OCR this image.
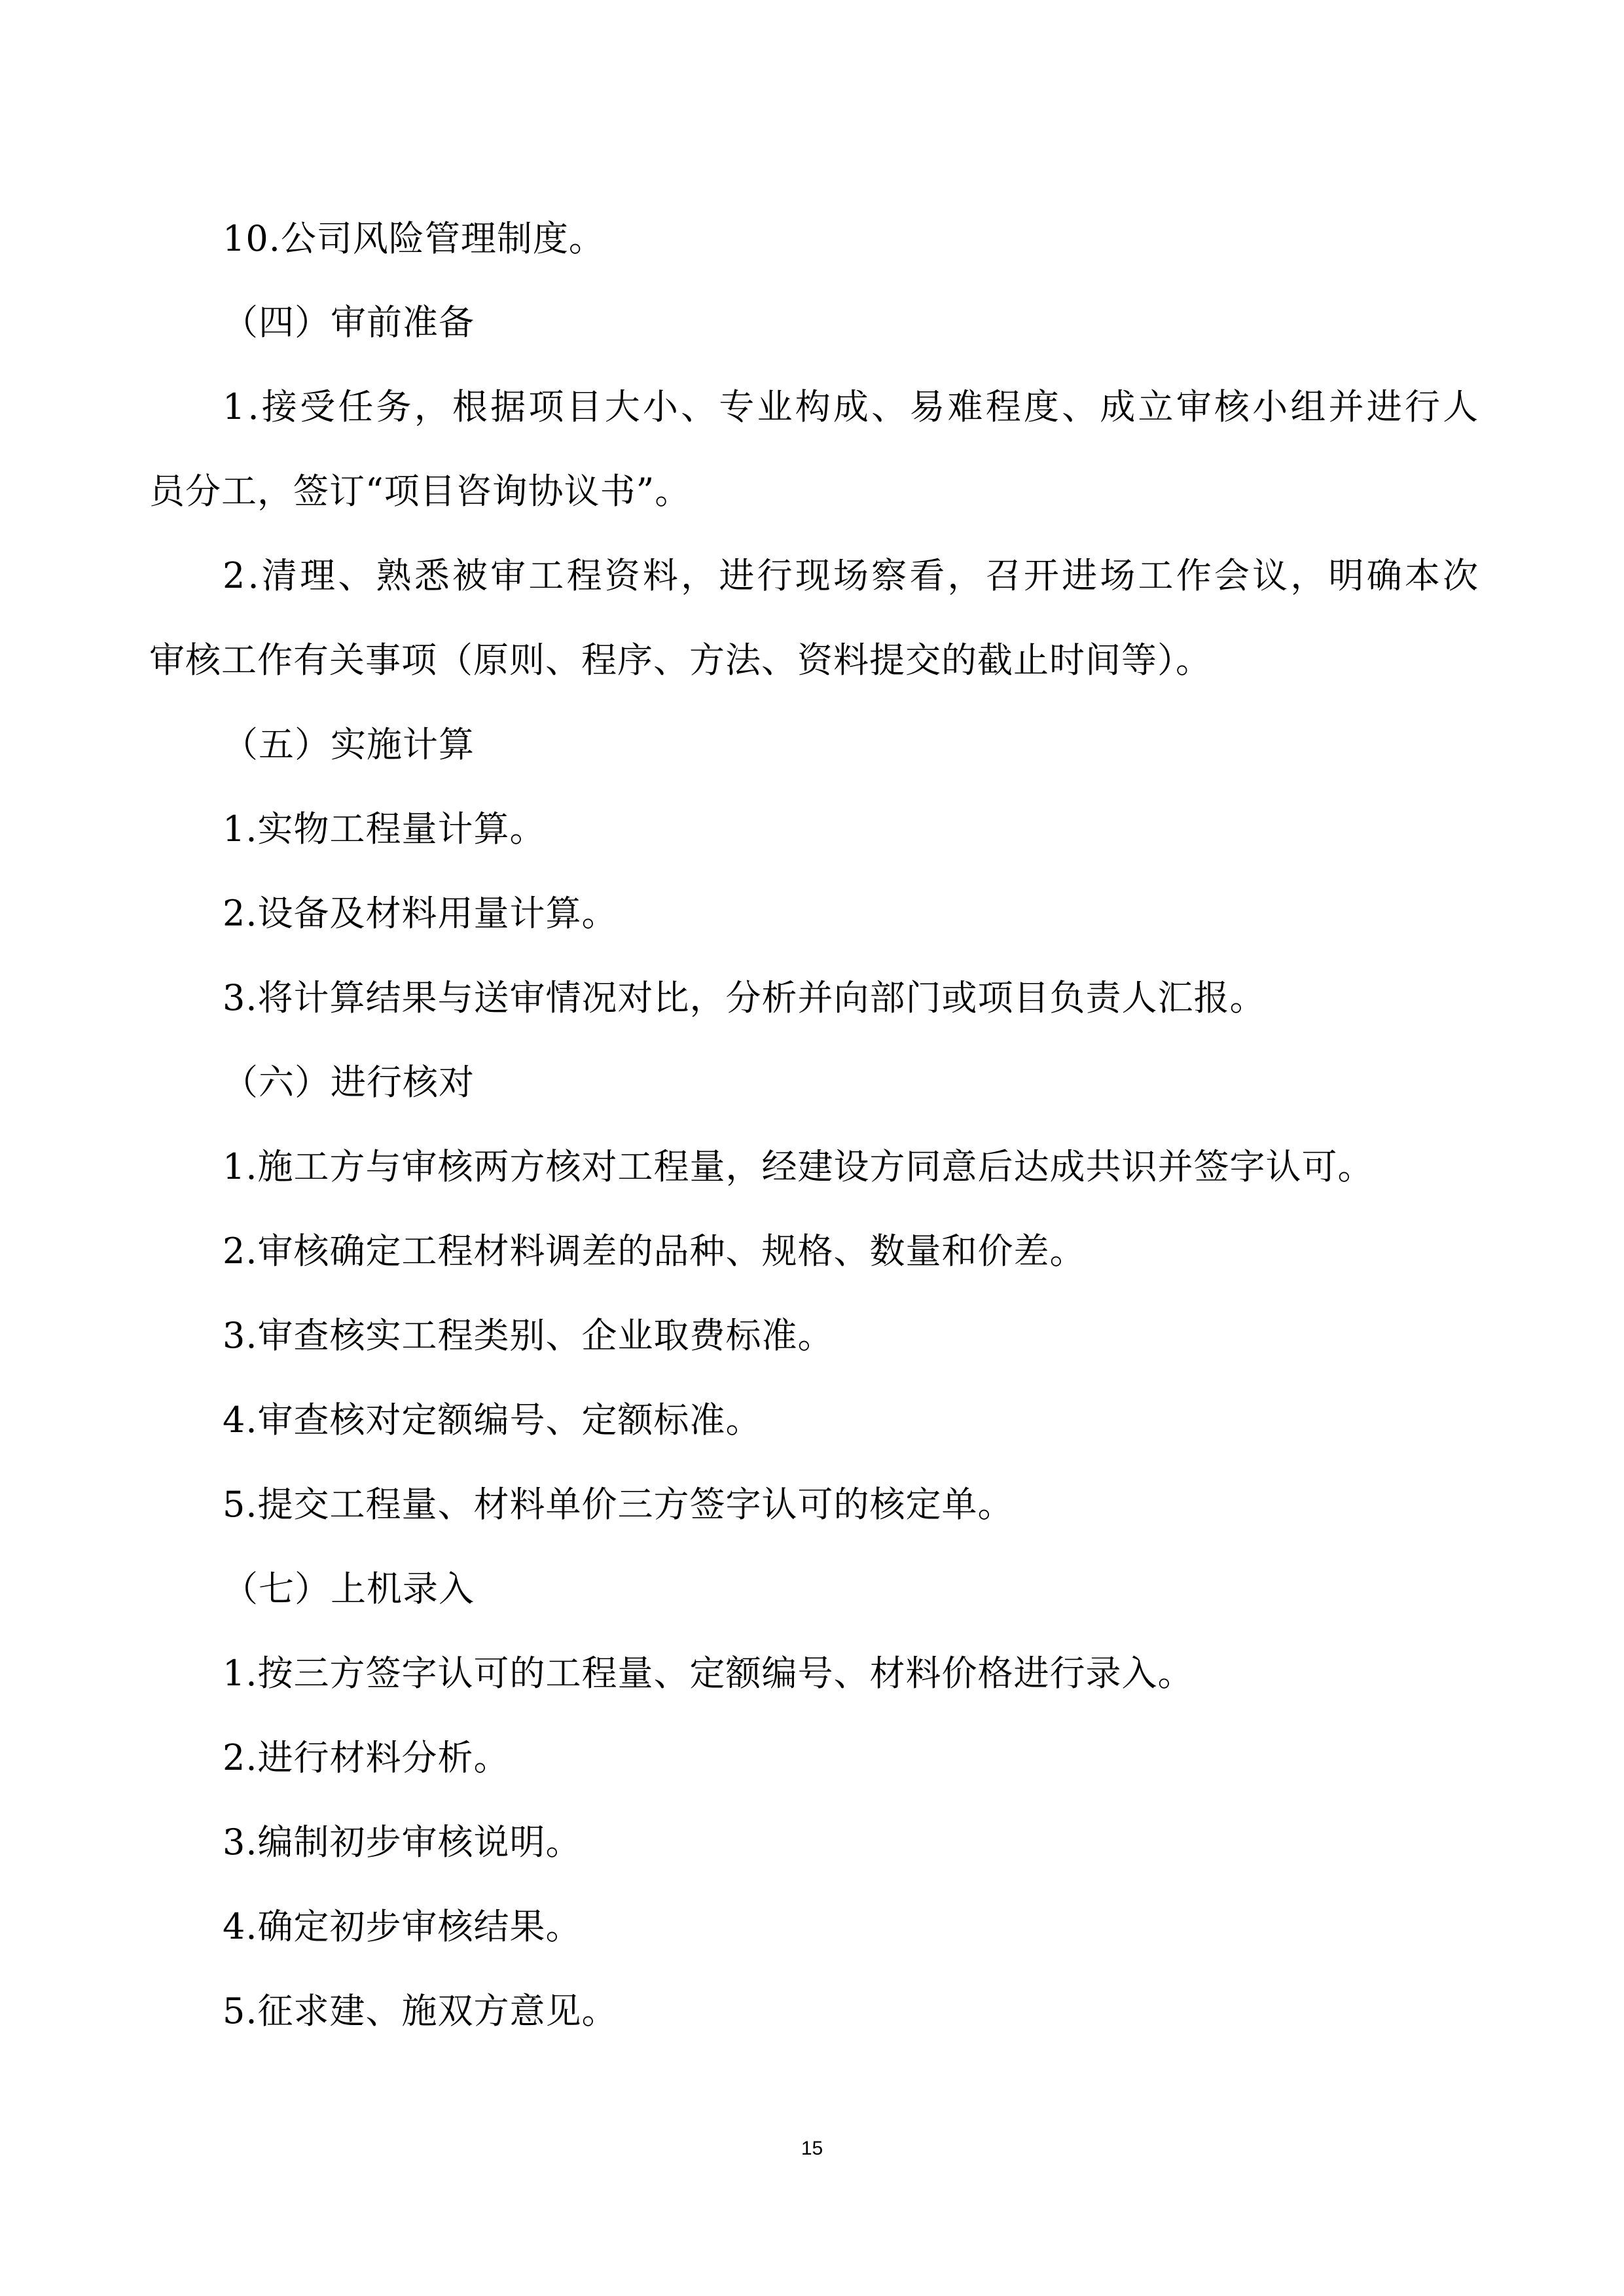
10.公司风险管理制度。
（四）审前准备
1.接受任务，根据项目大小、专业构成、易难程度、成立审核小组并进行人
员分工，签订“项目咨询协议书”。
2.清理、熟悉被审工程资料，进行现场察看，召开进场工作会议，明确本次
审核工作有关事项（原则、程序、方法、资料提交的截止时间等）。
（五）实施计算
1.实物工程量计算。
2.设备及材料用量计算。
3.将计算结果与送审情况对比，分析并向部门或项目负责人汇报。
（六）进行核对
1.施工方与审核两方核对工程量，经建设方同意后达成共识并签字认可。
2.审核确定工程材料调差的品种、规格、数量和价差。
3.审查核实工程类别、企业取费标准。
4.审查核对定额编号、定额标准。
5.提交工程量、材料单价三方签字认可的核定单。
（七）上机录入
1.按三方签字认可的工程量、定额编号、材料价格进行录入。
2.进行材料分析。
3.编制初步审核说明。
4.确定初步审核结果。
5.征求建、施双方意见。
15
